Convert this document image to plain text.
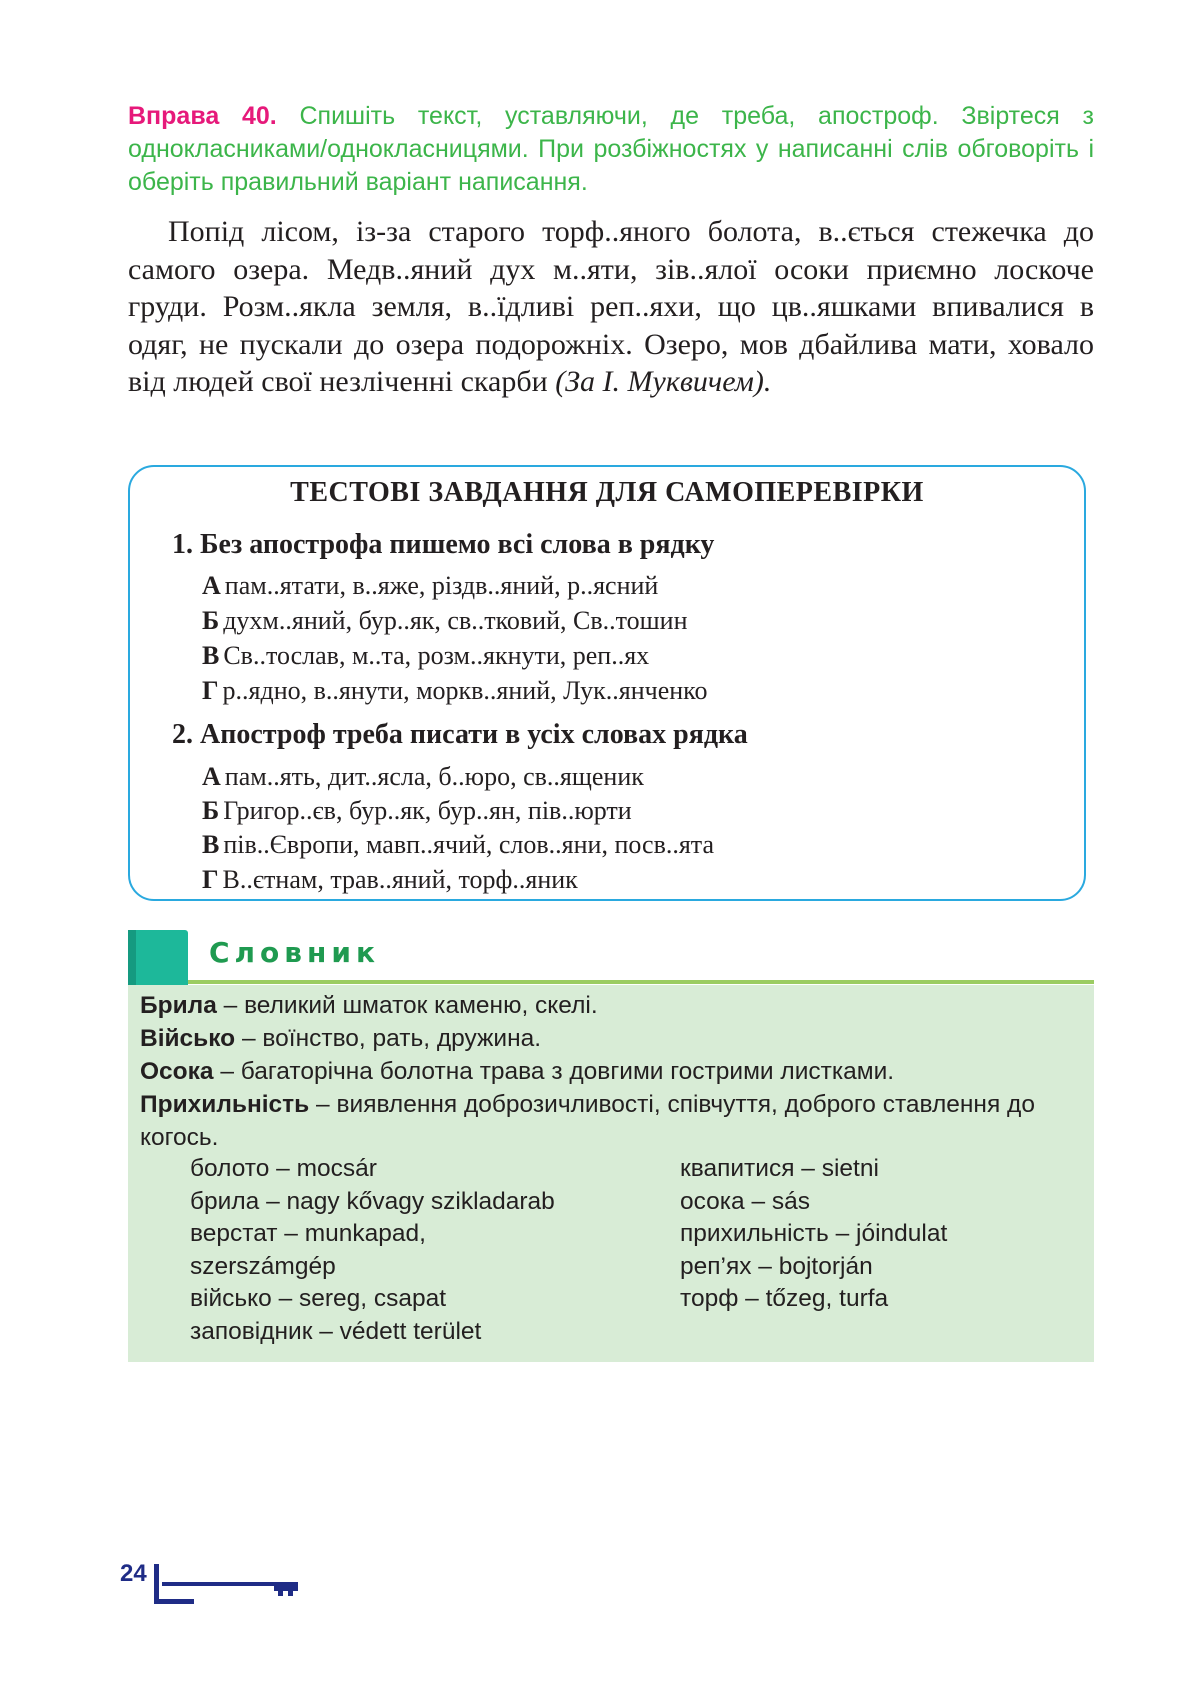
Вправа 40. Спишіть текст, уставляючи, де треба, апостроф. Звіртеся з однокласниками/однокласницями. При розбіжностях у написанні слів обговоріть і оберіть правильний варіант написання.
Попід лісом, із-за старого торф..яного болота, в..ється стежечка до самого озера. Медв..яний дух м..яти, зів..ялої осоки приємно лоскоче груди. Розм..якла земля, в..їдливі реп..яхи, що цв..яшками впивалися в одяг, не пускали до озера подорожніх. Озеро, мов дбайлива мати, ховало від людей свої незліченні скарби (За І. Муквичем).
ТЕСТОВІ ЗАВДАННЯ ДЛЯ САМОПЕРЕВІРКИ
1. Без апострофа пишемо всі слова в рядку
А пам..ятати, в..яже, різдв..яний, р..ясний
Б духм..яний, бур..як, св..тковий, Св..тошин
В Св..тослав, м..та, розм..якнути, реп..ях
Г р..ядно, в..янути, моркв..яний, Лук..янченко
2. Апостроф треба писати в усіх словах рядка
А пам..ять, дит..ясла, б..юро, св..ященик
Б Григор..єв, бур..як, бур..ян, пів..юрти
В пів..Європи, мавп..ячий, слов..яни, посв..ята
Г В..єтнам, трав..яний, торф..яник
Словник
Брила – великий шматок каменю, скелі.
Військо – воїнство, рать, дружина.
Осока – багаторічна болотна трава з довгими гострими листками.
Прихильність – виявлення доброзичливості, співчуття, доброго ставлення до когось.
болото – mocsár
брила – nagy kővagy szikladarab
верстат – munkapad,
szerszámgép
військо – sereg, csapat
заповідник – védett terület
квапитися – sietni
осока – sás
прихильність – jóindulat
реп’ях – bojtorján
торф – tőzeg, turfa
24
